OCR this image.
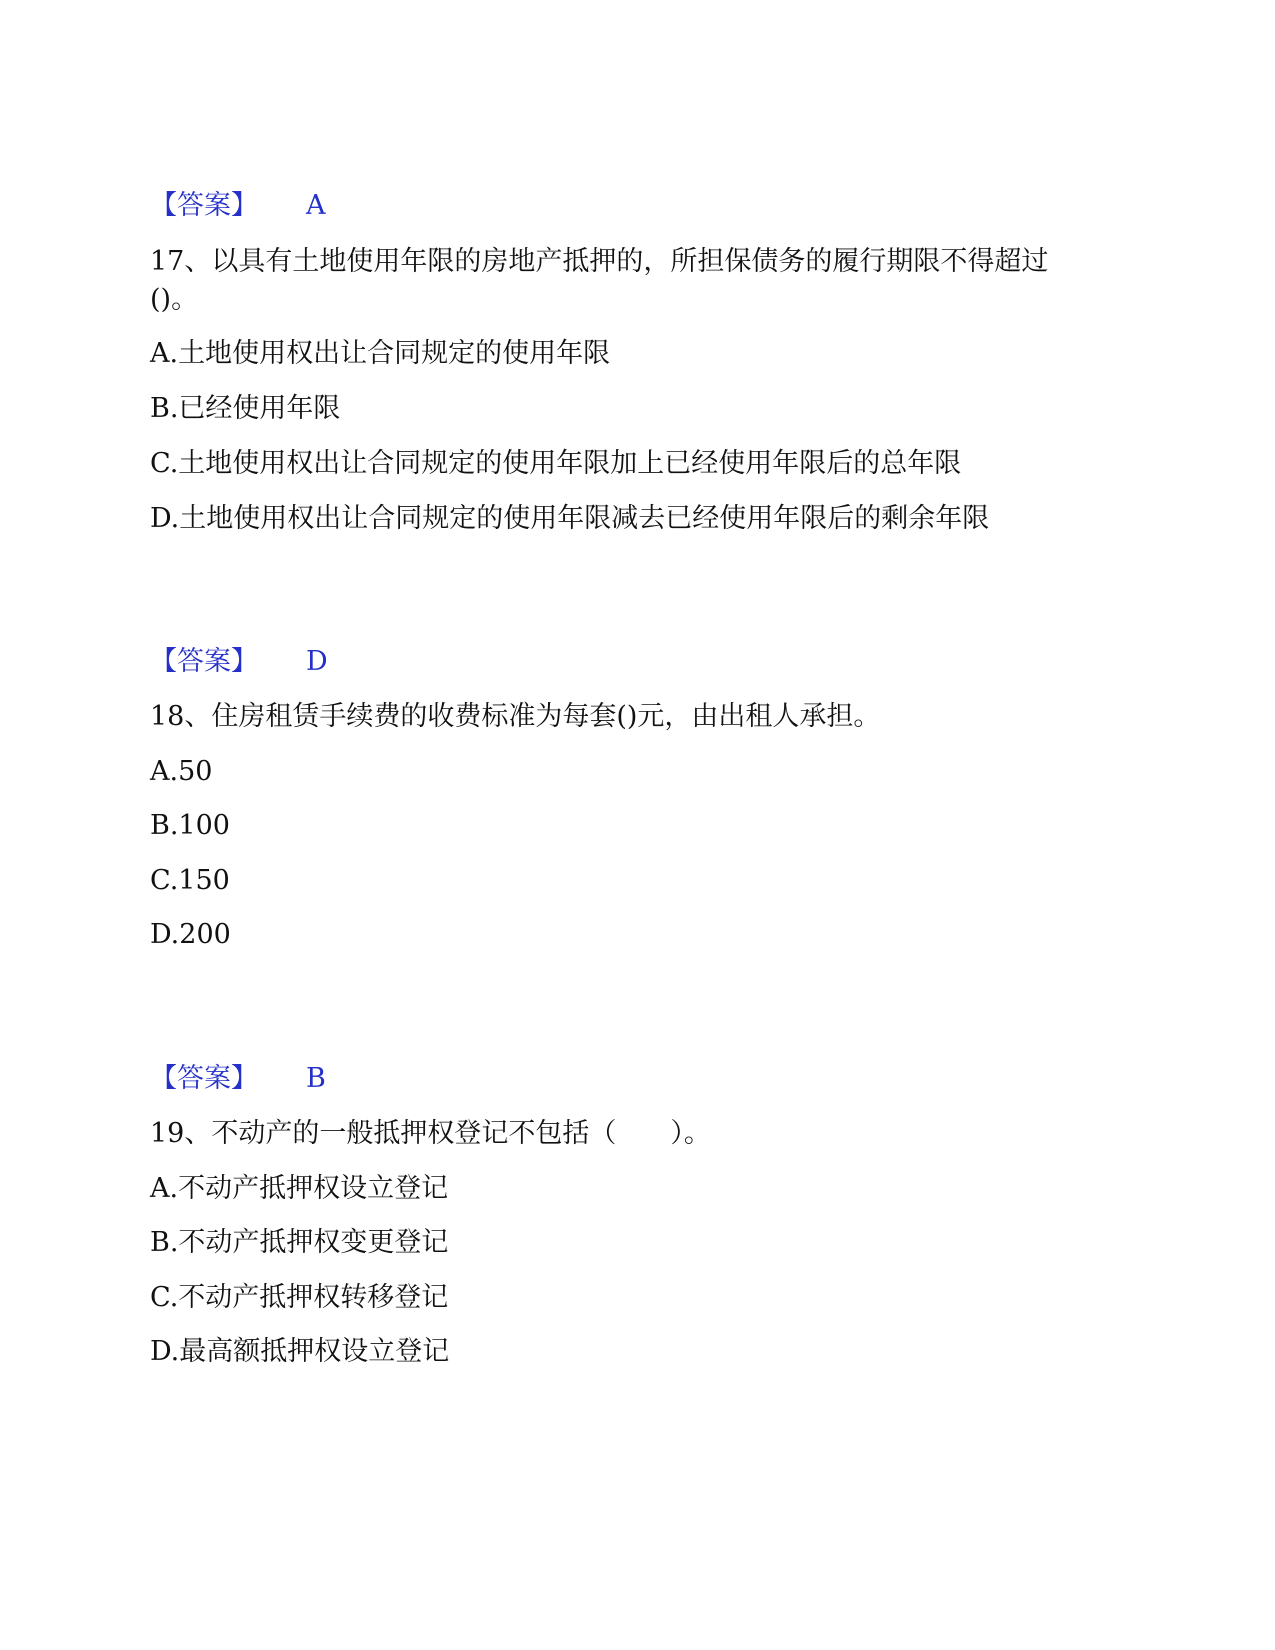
【答案】 A
17、以具有土地使用年限的房地产抵押的，所担保债务的履行期限不得超过
()。
A.土地使用权出让合同规定的使用年限
B.已经使用年限
C.土地使用权出让合同规定的使用年限加上已经使用年限后的总年限
D.土地使用权出让合同规定的使用年限减去已经使用年限后的剩余年限
【答案】 D
18、住房租赁手续费的收费标准为每套()元，由出租人承担。
A.50
B.100
C.150
D.200
【答案】 B
19、不动产的一般抵押权登记不包括（　　）。
A.不动产抵押权设立登记
B.不动产抵押权变更登记
C.不动产抵押权转移登记
D.最高额抵押权设立登记
